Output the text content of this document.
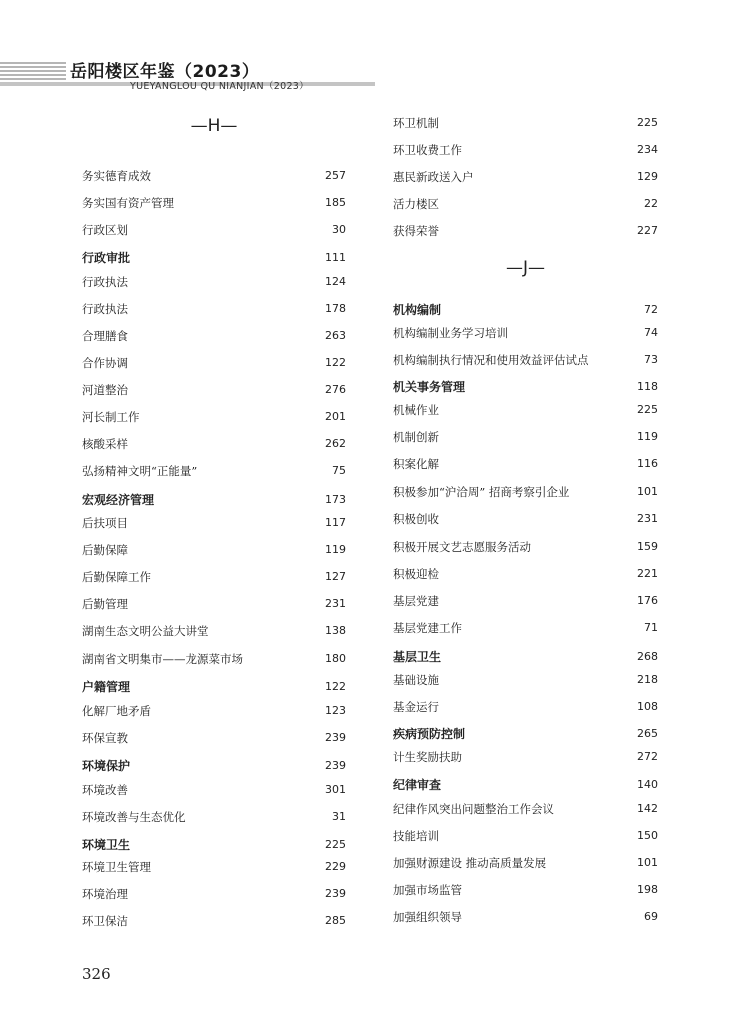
岳阳楼区年鉴（2023）
YUEYANGLOU QU NIANJIAN（2023）
—H—
务实德育成效	257
务实国有资产管理	185
行政区划	30
行政审批	111
行政执法	124
行政执法	178
合理膳食	263
合作协调	122
河道整治	276
河长制工作	201
核酸采样	262
弘扬精神文明“正能量”	75
宏观经济管理	173
后扶项目	117
后勤保障	119
后勤保障工作	127
后勤管理	231
湖南生态文明公益大讲堂	138
湖南省文明集市——龙源菜市场	180
户籍管理	122
化解厂地矛盾	123
环保宣教	239
环境保护	239
环境改善	301
环境改善与生态优化	31
环境卫生	225
环境卫生管理	229
环境治理	239
环卫保洁	285
—J—
环卫机制	225
环卫收费工作	234
惠民新政送入户	129
活力楼区	22
获得荣誉	227
机构编制	72
机构编制业务学习培训	74
机构编制执行情况和使用效益评估试点	73
机关事务管理	118
机械作业	225
机制创新	119
积案化解	116
积极参加“沪洽周” 招商考察引企业	101
积极创收	231
积极开展文艺志愿服务活动	159
积极迎检	221
基层党建	176
基层党建工作	71
基层卫生	268
基础设施	218
基金运行	108
疾病预防控制	265
计生奖励扶助	272
纪律审查	140
纪律作风突出问题整治工作会议	142
技能培训	150
加强财源建设 推动高质量发展	101
加强市场监管	198
加强组织领导	69
326
